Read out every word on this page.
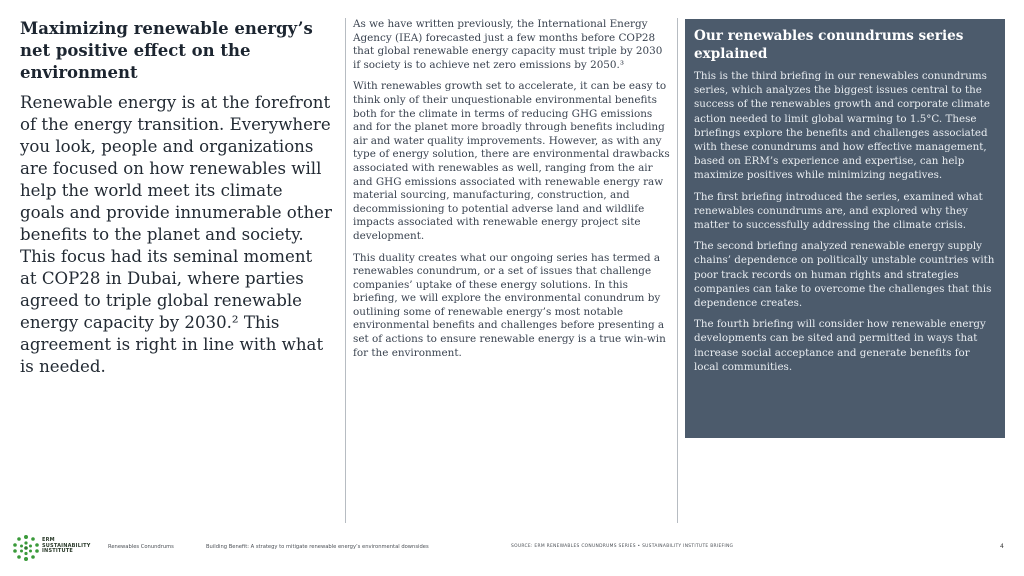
Maximizing renewable energy’s net positive effect on the environment

Renewable energy is at the forefront of the energy transition. Everywhere you look, people and organizations are focused on how renewables will help the world meet its climate goals and provide innumerable other benefits to the planet and society. This focus had its seminal moment at COP28 in Dubai, where parties agreed to triple global renewable energy capacity by 2030.² This agreement is right in line with what is needed.

As we have written previously, the International Energy Agency (IEA) forecasted just a few months before COP28 that global renewable energy capacity must triple by 2030 if society is to achieve net zero emissions by 2050.³

With renewables growth set to accelerate, it can be easy to think only of their unquestionable environmental benefits both for the climate in terms of reducing GHG emissions and for the planet more broadly through benefits including air and water quality improvements. However, as with any type of energy solution, there are environmental drawbacks associated with renewables as well, ranging from the air and GHG emissions associated with renewable energy raw material sourcing, manufacturing, construction, and decommissioning to potential adverse land and wildlife impacts associated with renewable energy project site development.

This duality creates what our ongoing series has termed a renewables conundrum, or a set of issues that challenge companies’ uptake of these energy solutions. In this briefing, we will explore the environmental conundrum by outlining some of renewable energy’s most notable environmental benefits and challenges before presenting a set of actions to ensure renewable energy is a true win-win for the environment.

Our renewables conundrums series explained

This is the third briefing in our renewables conundrums series, which analyzes the biggest issues central to the success of the renewables growth and corporate climate action needed to limit global warming to 1.5°C. These briefings explore the benefits and challenges associated with these conundrums and how effective management, based on ERM’s experience and expertise, can help maximize positives while minimizing negatives.

The first briefing introduced the series, examined what renewables conundrums are, and explored why they matter to successfully addressing the climate crisis.

The second briefing analyzed renewable energy supply chains’ dependence on politically unstable countries with poor track records on human rights and strategies companies can take to overcome the challenges that this dependence creates.

The fourth briefing will consider how renewable energy developments can be sited and permitted in ways that increase social acceptance and generate benefits for local communities.

ERM
SUSTAINABILITY
INSTITUTE
Renewables Conundrums	Building Benefit: A strategy to mitigate renewable energy’s environmental downsides	SOURCE: ERM RENEWABLES CONUNDRUMS SERIES • SUSTAINABILITY INSTITUTE BRIEFING	4
